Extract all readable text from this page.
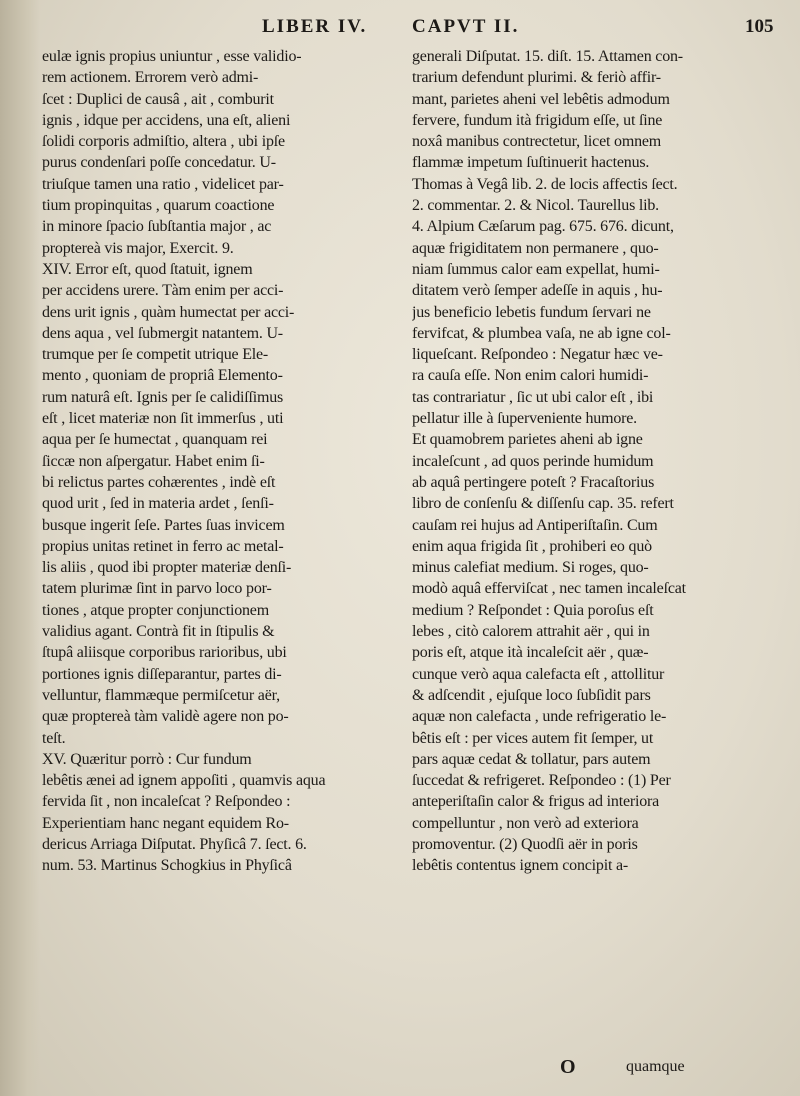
LIBER IV. CAPVT II.	105
eulæ ignis propius uniuntur , esse validio-
rem actionem. Errorem verò admi-
ſcet : Duplici de causâ , ait , comburit
ignis , idque per accidens, una eſt, alieni
ſolidi corporis admiſtio, altera , ubi ipſe
purus condenſari poſſe concedatur. U-
triuſque tamen una ratio , videlicet par-
tium propinquitas , quarum coactione
in minore ſpacio ſubſtantia major , ac
proptereà vis major, Exercit. 9.
XIV. Error eſt, quod ſtatuit, ignem
per accidens urere. Tàm enim per acci-
dens urit ignis , quàm humectat per acci-
dens aqua , vel ſubmergit natantem. U-
trumque per ſe competit utrique Ele-
mento , quoniam de propriâ Elemento-
rum naturâ eſt. Ignis per ſe calidiſſimus
eſt , licet materiæ non ſit immerſus , uti
aqua per ſe humectat , quanquam rei
ſiccæ non aſpergatur. Habet enim ſi-
bi relictus partes cohærentes , indè eſt
quod urit , ſed in materia ardet , ſenſi-
busque ingerit ſeſe. Partes ſuas invicem
propius unitas retinet in ferro ac metal-
lis aliis , quod ibi propter materiæ denſi-
tatem plurimæ ſint in parvo loco por-
tiones , atque propter conjunctionem
validius agant. Contrà fit in ſtipulis &
ſtupâ aliisque corporibus rarioribus, ubi
portiones ignis diſſeparantur, partes di-
velluntur, flammæque permiſcetur aër,
quæ proptereà tàm validè agere non po-
teſt.
XV. Quæritur porrò : Cur fundum
lebêtis ænei ad ignem appoſiti , quamvis aqua
fervida ſit , non incaleſcat ? Reſpondeo :
Experientiam hanc negant equidem Ro-
dericus Arriaga Diſputat. Phyſicâ 7. ſect. 6.
num. 53. Martinus Schogkius in Phyſicâ
generali Diſputat. 15. diſt. 15. Attamen con-
trarium defendunt plurimi. & feriò affir-
mant, parietes aheni vel lebêtis admodum
fervere, fundum ità frigidum eſſe, ut ſine
noxâ manibus contrectetur, licet omnem
flammæ impetum ſuſtinuerit hactenus.
Thomas à Vegâ lib. 2. de locis affectis ſect.
2. commentar. 2. & Nicol. Taurellus lib.
4. Alpium Cæſarum pag. 675. 676. dicunt,
aquæ frigiditatem non permanere , quo-
niam ſummus calor eam expellat, humi-
ditatem verò ſemper adeſſe in aquis , hu-
jus beneficio lebetis fundum ſervari ne
fervifcat, & plumbea vaſa, ne ab igne col-
liqueſcant. Reſpondeo : Negatur hæc ve-
ra cauſa eſſe. Non enim calori humidi-
tas contrariatur , ſic ut ubi calor eſt , ibi
pellatur ille à ſuperveniente humore.
Et quamobrem parietes aheni ab igne
incaleſcunt , ad quos perinde humidum
ab aquâ pertingere poteſt ? Fracaſtorius
libro de conſenſu & diſſenſu cap. 35. refert
cauſam rei hujus ad Antiperiſtaſin. Cum
enim aqua frigida ſit , prohiberi eo quò
minus calefiat medium. Si roges, quo-
modò aquâ efferviſcat , nec tamen incaleſcat
medium ? Reſpondet : Quia poroſus eſt
lebes , citò calorem attrahit aër , qui in
poris eſt, atque ità incaleſcit aër , quæ-
cunque verò aqua calefacta eſt , attollitur
& adſcendit , ejuſque loco ſubſidit pars
aquæ non calefacta , unde refrigeratio le-
bêtis eſt : per vices autem fit ſemper, ut
pars aquæ cedat & tollatur, pars autem
ſuccedat & refrigeret. Reſpondeo : (1) Per
anteperiſtaſin calor & frigus ad interiora
compelluntur , non verò ad exteriora
promoventur. (2) Quodſi aër in poris
lebêtis contentus ignem concipit a-
O	quamque
